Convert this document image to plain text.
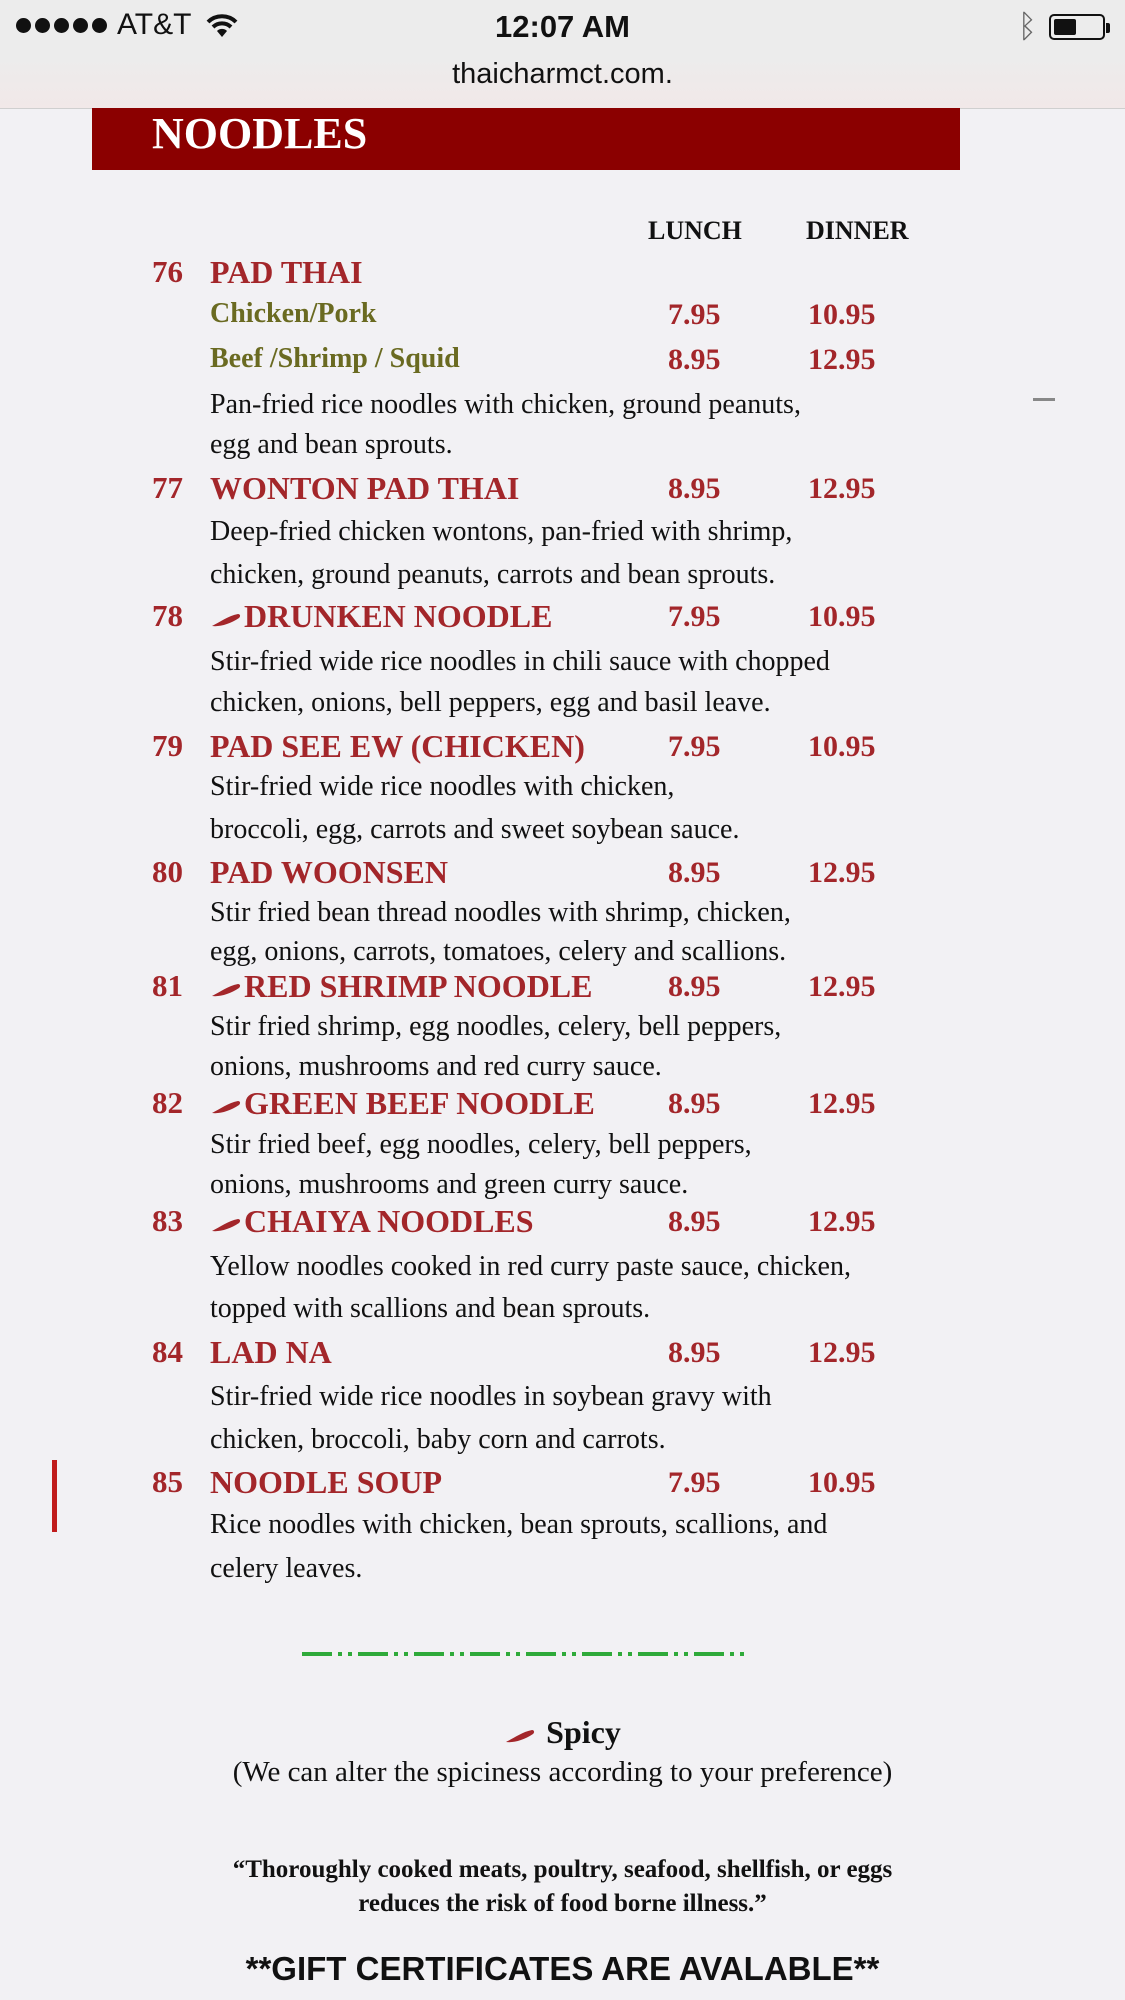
AT&T	12:07 AM	ᛒ
thaicharmct.com.
NOODLES
LUNCH DINNER
76 PAD THAI
Chicken/Pork	7.95	10.95
Beef /Shrimp / Squid	8.95	12.95
Pan-fried rice noodles with chicken, ground peanuts,
egg and bean sprouts.
77 WONTON PAD THAI	8.95	12.95
Deep-fried chicken wontons, pan-fried with shrimp,
chicken, ground peanuts, carrots and bean sprouts.
78	DRUNKEN NOODLE	7.95	10.95
Stir-fried wide rice noodles in chili sauce with chopped
chicken, onions, bell peppers, egg and basil leave.
79 PAD SEE EW (CHICKEN)	7.95	10.95
Stir-fried wide rice noodles with chicken,
broccoli, egg, carrots and sweet soybean sauce.
80 PAD WOONSEN	8.95	12.95
Stir fried bean thread noodles with shrimp, chicken,
egg, onions, carrots, tomatoes, celery and scallions.
81	RED SHRIMP NOODLE	8.95	12.95
Stir fried shrimp, egg noodles, celery, bell peppers,
onions, mushrooms and red curry sauce.
82	GREEN BEEF NOODLE 8.95	12.95
Stir fried beef, egg noodles, celery, bell peppers,
onions, mushrooms and green curry sauce.
83	CHAIYA NOODLES	8.95	12.95
Yellow noodles cooked in red curry paste sauce, chicken,
topped with scallions and bean sprouts.
84 LAD NA	8.95	12.95
Stir-fried wide rice noodles in soybean gravy with
chicken, broccoli, baby corn and carrots.
85 NOODLE SOUP	7.95	10.95
Rice noodles with chicken, bean sprouts, scallions, and
celery leaves.
Spicy
(We can alter the spiciness according to your preference)
“Thoroughly cooked meats, poultry, seafood, shellfish, or eggs
reduces the risk of food borne illness.”
**GIFT CERTIFICATES ARE AVALABLE**
